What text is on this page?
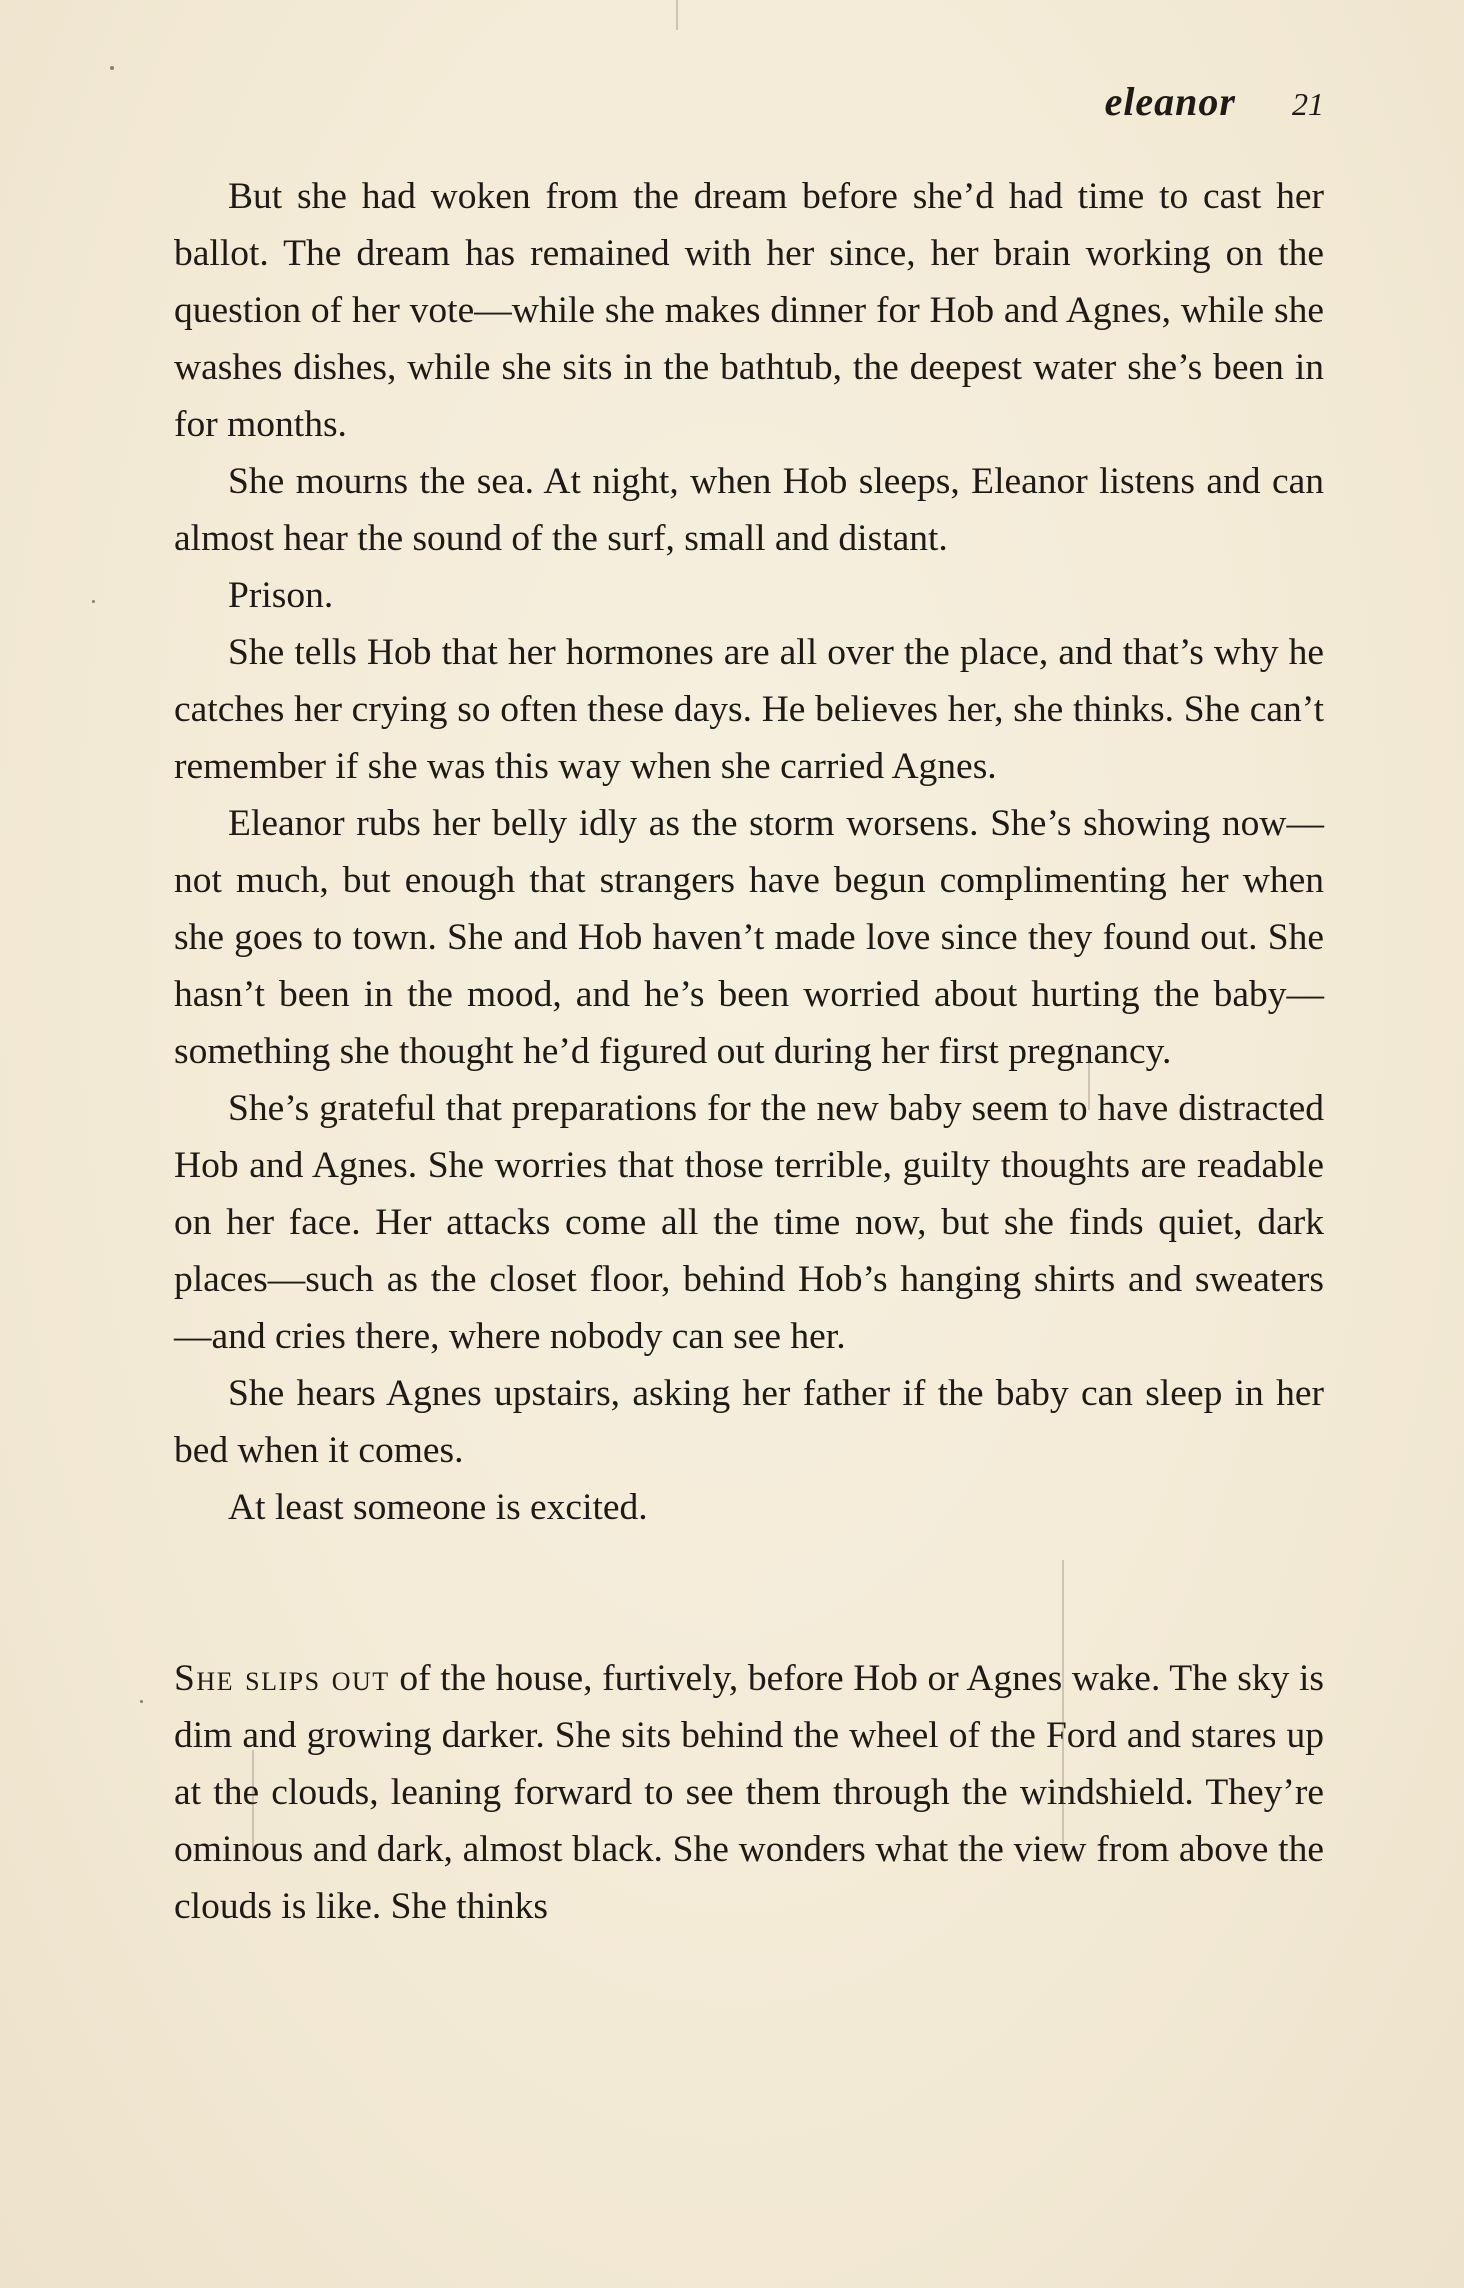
eleanor 21

But she had woken from the dream before she’d had time to cast her ballot. The dream has remained with her since, her brain working on the question of her vote—while she makes dinner for Hob and Agnes, while she washes dishes, while she sits in the bathtub, the deepest water she’s been in for months.

She mourns the sea. At night, when Hob sleeps, Eleanor listens and can almost hear the sound of the surf, small and distant.

Prison.

She tells Hob that her hormones are all over the place, and that’s why he catches her crying so often these days. He believes her, she thinks. She can’t remember if she was this way when she carried Agnes.

Eleanor rubs her belly idly as the storm worsens. She’s showing now—not much, but enough that strangers have begun complimenting her when she goes to town. She and Hob haven’t made love since they found out. She hasn’t been in the mood, and he’s been worried about hurting the baby—something she thought he’d figured out during her first pregnancy.

She’s grateful that preparations for the new baby seem to have distracted Hob and Agnes. She worries that those terrible, guilty thoughts are readable on her face. Her attacks come all the time now, but she finds quiet, dark places—such as the closet floor, behind Hob’s hanging shirts and sweaters—and cries there, where nobody can see her.

She hears Agnes upstairs, asking her father if the baby can sleep in her bed when it comes.

At least someone is excited.

She slips out of the house, furtively, before Hob or Agnes wake. The sky is dim and growing darker. She sits behind the wheel of the Ford and stares up at the clouds, leaning forward to see them through the windshield. They’re ominous and dark, almost black. She wonders what the view from above the clouds is like. She thinks
